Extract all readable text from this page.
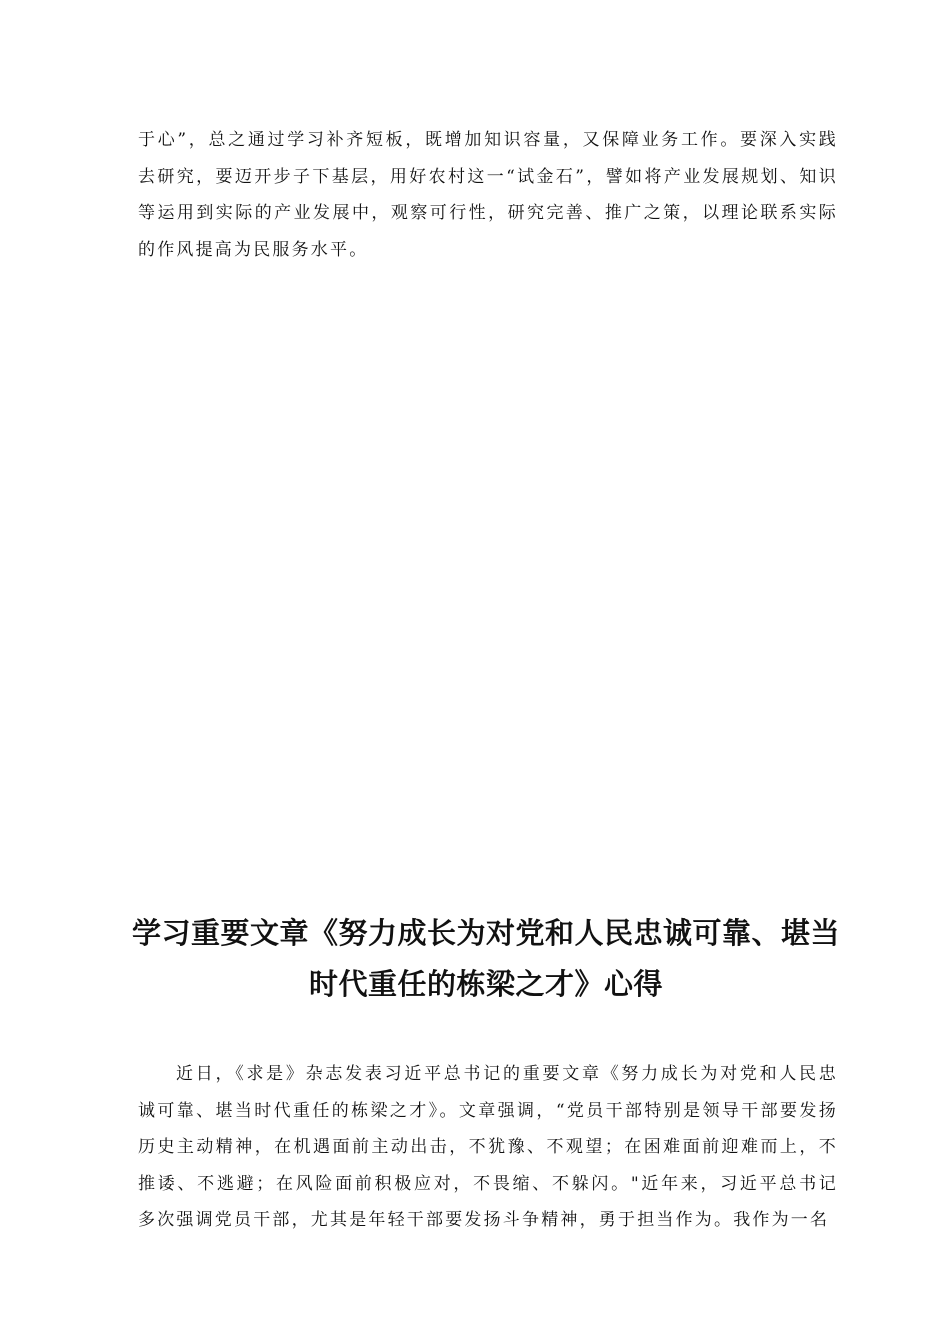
于心”，总之通过学习补齐短板，既增加知识容量，又保障业务工作。要深入实践去研究，要迈开步子下基层，用好农村这一“试金石”，譬如将产业发展规划、知识等运用到实际的产业发展中，观察可行性，研究完善、推广之策，以理论联系实际的作风提高为民服务水平。

学习重要文章《努力成长为对党和人民忠诚可靠、堪当
时代重任的栋梁之才》心得

近日，《求是》杂志发表习近平总书记的重要文章《努力成长为对党和人民忠诚可靠、堪当时代重任的栋梁之才》。文章强调，“党员干部特别是领导干部要发扬历史主动精神，在机遇面前主动出击，不犹豫、不观望；在困难面前迎难而上，不推诿、不逃避；在风险面前积极应对，不畏缩、不躲闪。"近年来，习近平总书记多次强调党员干部，尤其是年轻干部要发扬斗争精神，勇于担当作为。我作为一名
